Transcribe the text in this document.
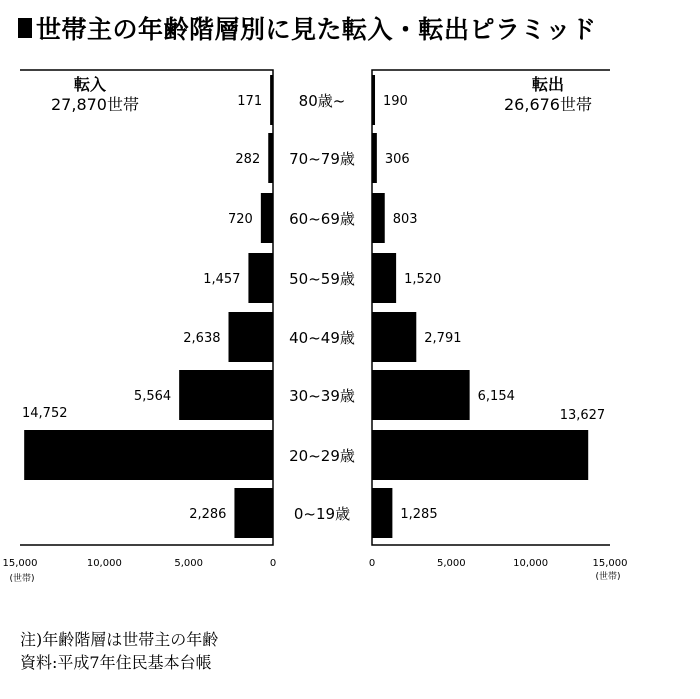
世帯主の年齢階層別に見た転入・転出ピラミッド
転入
27,870世帯
転出
26,676世帯
0~19歳
2,286	1,285
20~29歳
14,752	13,627
30~39歳
5,564	6,154
40~49歳
2,638	2,791
50~59歳
1,457	1,520
60~69歳
720	803
70~79歳
282	306
80歳~
171	190
15,000	10,000	5,000	0	0	5,000	10,000	15,000
(世帯)	(世帯)
注)年齢階層は世帯主の年齢
資料:平成7年住民基本台帳
